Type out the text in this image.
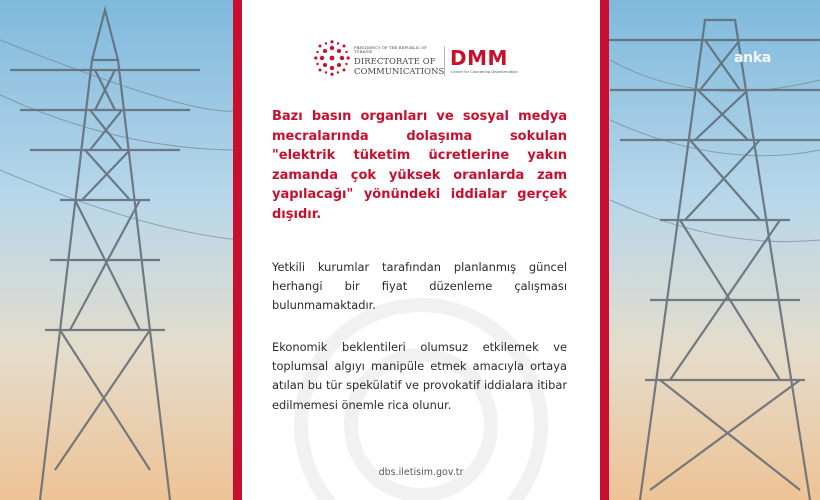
anka
PRESIDENCY OF THE REPUBLIC OF TÜRKİYE
DIRECTORATE OF
COMMUNICATIONS
DMM
Center for Countering Disinformation

Bazı basın organları ve sosyal medya mecralarında dolaşıma sokulan "elektrik tüketim ücretlerine yakın zamanda çok yüksek oranlarda zam yapılacağı" yönündeki iddialar gerçek dışıdır.

Yetkili kurumlar tarafından planlanmış güncel herhangi bir fiyat düzenleme çalışması bulunmamaktadır.

Ekonomik beklentileri olumsuz etkilemek ve toplumsal algıyı manipüle etmek amacıyla ortaya atılan bu tür spekülatif ve provokatif iddialara itibar edilmemesi önemle rica olunur.

dbs.iletisim.gov.tr
